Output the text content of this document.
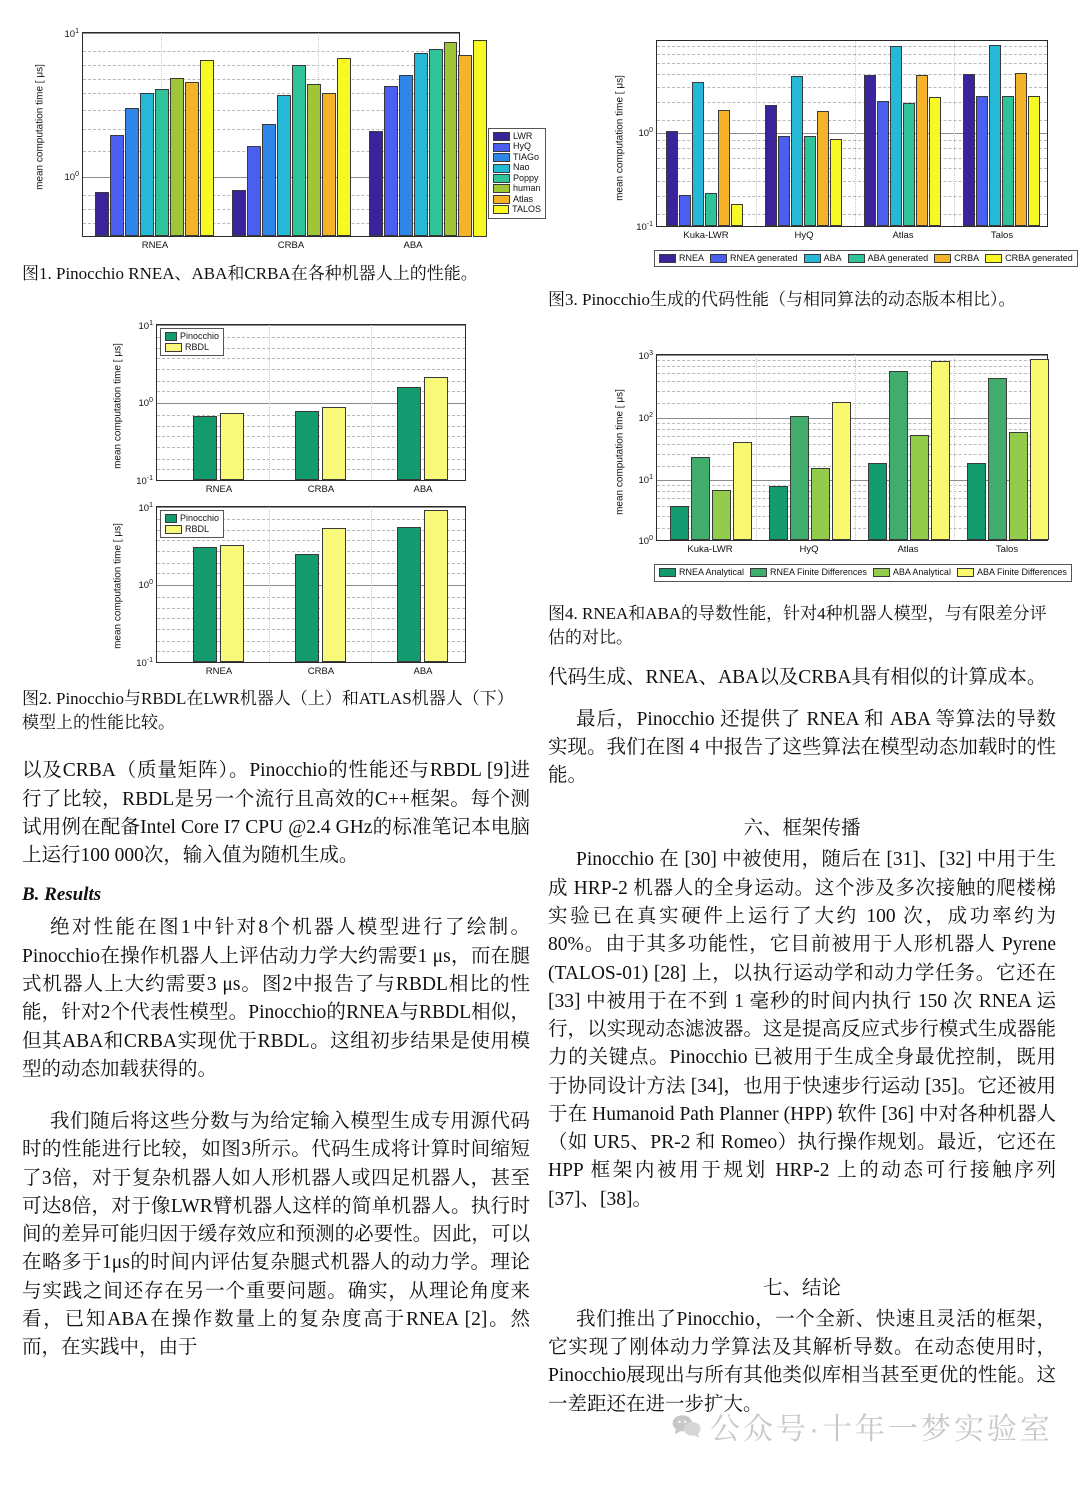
mean computation time [ μs]
$10^1$
$10^0$
RNEA	CRBA	ABA
LWR
HyQ
TIAGo
Nao
Poppy
human
Atlas
TALOS

图1. Pinocchio RNEA、ABA和CRBA在各种机器人上的性能。

mean computation time [ μs]
$10^1$
$10^0$
$10^{-1}$
RNEA	CRBA	ABA
Pinocchio
RBDL
mean computation time [ μs]
$10^1$
$10^0$
$10^{-1}$
RNEA	CRBA	ABA
Pinocchio
RBDL

图2. Pinocchio与RBDL在LWR机器人（上）和ATLAS机器人（下）模型上的性能比较。

以及CRBA（质量矩阵）。Pinocchio的性能还与RBDL [9]进行了比较，RBDL是另一个流行且高效的C++框架。每个测试用例在配备Intel Core I7 CPU @2.4 GHz的标准笔记本电脑上运行100 000次，输入值为随机生成。

B. Results

绝对性能在图1中针对8个机器人模型进行了绘制。Pinocchio在操作机器人上评估动力学大约需要1 μs，而在腿式机器人上大约需要3 μs。图2中报告了与RBDL相比的性能，针对2个代表性模型。Pinocchio的RNEA与RBDL相似，但其ABA和CRBA实现优于RBDL。这组初步结果是使用模型的动态加载获得的。

我们随后将这些分数与为给定输入模型生成专用源代码时的性能进行比较，如图3所示。代码生成将计算时间缩短了3倍，对于复杂机器人如人形机器人或四足机器人，甚至可达8倍，对于像LWR臂机器人这样的简单机器人。执行时间的差异可能归因于缓存效应和预测的必要性。因此，可以在略多于1μs的时间内评估复杂腿式机器人的动力学。理论与实践之间还存在另一个重要问题。确实，从理论角度来看，已知ABA在操作数量上的复杂度高于RNEA [2]。然而，在实践中，由于

mean computation time [ μs] $10^0$
$10^{-1}$
Kuka-LWR	HyQ	Atlas	Talos
RNEA	RNEA generated	ABA	ABA generated	CRBA	CRBA generated

图3. Pinocchio生成的代码性能（与相同算法的动态版本相比）。

mean computation time [ μs]
$10^3$
$10^2$
$10^1$
$10^0$
Kuka-LWR	HyQ	Atlas	Talos
RNEA Analytical	RNEA Finite Differences	ABA Analytical	ABA Finite Differences

图4. RNEA和ABA的导数性能，针对4种机器人模型，与有限差分评估的对比。

代码生成、RNEA、ABA以及CRBA具有相似的计算成本。

最后，Pinocchio 还提供了 RNEA 和 ABA 等算法的导数实现。我们在图 4 中报告了这些算法在模型动态加载时的性能。

六、框架传播

Pinocchio 在 [30] 中被使用，随后在 [31]、[32] 中用于生成 HRP-2 机器人的全身运动。这个涉及多次接触的爬楼梯实验已在真实硬件上运行了大约 100 次，成功率约为 80%。由于其多功能性，它目前被用于人形机器人 Pyrene (TALOS-01) [28] 上，以执行运动学和动力学任务。它还在 [33] 中被用于在不到 1 毫秒的时间内执行 150 次 RNEA 运行，以实现动态滤波器。这是提高反应式步行模式生成器能力的关键点。Pinocchio 已被用于生成全身最优控制，既用于协同设计方法 [34]，也用于快速步行运动 [35]。它还被用于在 Humanoid Path Planner (HPP) 软件 [36] 中对各种机器人（如 UR5、PR-2 和 Romeo）执行操作规划。最近，它还在 HPP 框架内被用于规划 HRP-2 上的动态可行接触序列 [37]、[38]。

七、结论

我们推出了Pinocchio，一个全新、快速且灵活的框架，它实现了刚体动力学算法及其解析导数。在动态使用时，Pinocchio展现出与所有其他类似库相当甚至更优的性能。这一差距还在进一步扩大。

公众号·十年一梦实验室
